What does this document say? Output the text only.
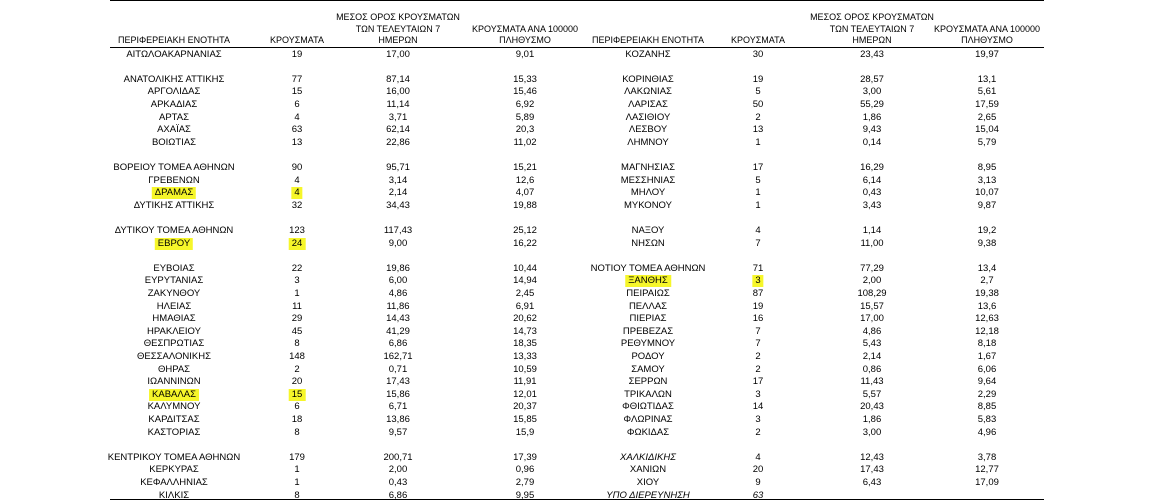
ΠΕΡΙΦΕΡΕΙΑΚΗ ΕΝΟΤΗΤΑ	ΚΡΟΥΣΜΑΤΑ
ΜΕΣΟΣ ΟΡΟΣ ΚΡΟΥΣΜΑΤΩΝ
ΤΩΝ ΤΕΛΕΥΤΑΙΩΝ 7
ΗΜΕΡΩΝ
ΚΡΟΥΣΜΑΤΑ ΑΝΑ 100000
ΠΛΗΘΥΣΜΟ	ΠΕΡΙΦΕΡΕΙΑΚΗ ΕΝΟΤΗΤΑ	ΚΡΟΥΣΜΑΤΑ
ΜΕΣΟΣ ΟΡΟΣ ΚΡΟΥΣΜΑΤΩΝ
ΤΩΝ ΤΕΛΕΥΤΑΙΩΝ 7
ΗΜΕΡΩΝ
ΚΡΟΥΣΜΑΤΑ ΑΝΑ 100000
ΠΛΗΘΥΣΜΟ
ΑΙΤΩΛΟΑΚΑΡΝΑΝΙΑΣ	19	17,00	9,01
ΑΝΑΤΟΛΙΚΗΣ ΑΤΤΙΚΗΣ	77	87,14	15,33
ΑΡΓΟΛΙΔΑΣ	15	16,00	15,46
ΑΡΚΑΔΙΑΣ	6	11,14	6,92
ΑΡΤΑΣ	4	3,71	5,89
ΑΧΑΪΑΣ	63	62,14	20,3
ΒΟΙΩΤΙΑΣ	13	22,86	11,02
ΒΟΡΕΙΟΥ ΤΟΜΕΑ ΑΘΗΝΩΝ	90	95,71	15,21
ΓΡΕΒΕΝΩΝ	4	3,14	12,6
ΔΡΑΜΑΣ	4	2,14	4,07
ΔΥΤΙΚΗΣ ΑΤΤΙΚΗΣ	32	34,43	19,88
ΔΥΤΙΚΟΥ ΤΟΜΕΑ ΑΘΗΝΩΝ	123	117,43	25,12
ΕΒΡΟΥ	24	9,00	16,22
ΕΥΒΟΙΑΣ	22	19,86	10,44
ΕΥΡΥΤΑΝΙΑΣ	3	6,00	14,94
ΖΑΚΥΝΘΟΥ	1	4,86	2,45
ΗΛΕΙΑΣ	11	11,86	6,91
ΗΜΑΘΙΑΣ	29	14,43	20,62
ΗΡΑΚΛΕΙΟΥ	45	41,29	14,73
ΘΕΣΠΡΩΤΙΑΣ	8	6,86	18,35
ΘΕΣΣΑΛΟΝΙΚΗΣ	148	162,71	13,33
ΘΗΡΑΣ	2	0,71	10,59
ΙΩΑΝΝΙΝΩΝ	20	17,43	11,91
ΚΑΒΑΛΑΣ	15	15,86	12,01
ΚΑΛΥΜΝΟΥ	6	6,71	20,37
ΚΑΡΔΙΤΣΑΣ	18	13,86	15,85
ΚΑΣΤΟΡΙΑΣ	8	9,57	15,9
ΚΕΝΤΡΙΚΟΥ ΤΟΜΕΑ ΑΘΗΝΩΝ	179	200,71	17,39
ΚΕΡΚΥΡΑΣ	1	2,00	0,96
ΚΕΦΑΛΛΗΝΙΑΣ	1	0,43	2,79
ΚΙΛΚΙΣ	8	6,86	9,95
ΚΟΖΑΝΗΣ	30	23,43	19,97
ΚΟΡΙΝΘΙΑΣ	19	28,57	13,1
ΛΑΚΩΝΙΑΣ	5	3,00	5,61
ΛΑΡΙΣΑΣ	50	55,29	17,59
ΛΑΣΙΘΙΟΥ	2	1,86	2,65
ΛΕΣΒΟΥ	13	9,43	15,04
ΛΗΜΝΟΥ	1	0,14	5,79
ΜΑΓΝΗΣΙΑΣ	17	16,29	8,95
ΜΕΣΣΗΝΙΑΣ	5	6,14	3,13
ΜΗΛΟΥ	1	0,43	10,07
ΜΥΚΟΝΟΥ	1	3,43	9,87
ΝΑΞΟΥ	4	1,14	19,2
ΝΗΣΩΝ	7	11,00	9,38
ΝΟΤΙΟΥ ΤΟΜΕΑ ΑΘΗΝΩΝ	71	77,29	13,4
ΞΑΝΘΗΣ	3	2,00	2,7
ΠΕΙΡΑΙΩΣ	87	108,29	19,38
ΠΕΛΛΑΣ	19	15,57	13,6
ΠΙΕΡΙΑΣ	16	17,00	12,63
ΠΡΕΒΕΖΑΣ	7	4,86	12,18
ΡΕΘΥΜΝΟΥ	7	5,43	8,18
ΡΟΔΟΥ	2	2,14	1,67
ΣΑΜΟΥ	2	0,86	6,06
ΣΕΡΡΩΝ	17	11,43	9,64
ΤΡΙΚΑΛΩΝ	3	5,57	2,29
ΦΘΙΩΤΙΔΑΣ	14	20,43	8,85
ΦΛΩΡΙΝΑΣ	3	1,86	5,83
ΦΩΚΙΔΑΣ	2	3,00	4,96
ΧΑΛΚΙΔΙΚΗΣ	4	12,43	3,78
ΧΑΝΙΩΝ	20	17,43	12,77
ΧΙΟΥ	9	6,43	17,09
ΥΠΟ ΔΙΕΡΕΥΝΗΣΗ	63
